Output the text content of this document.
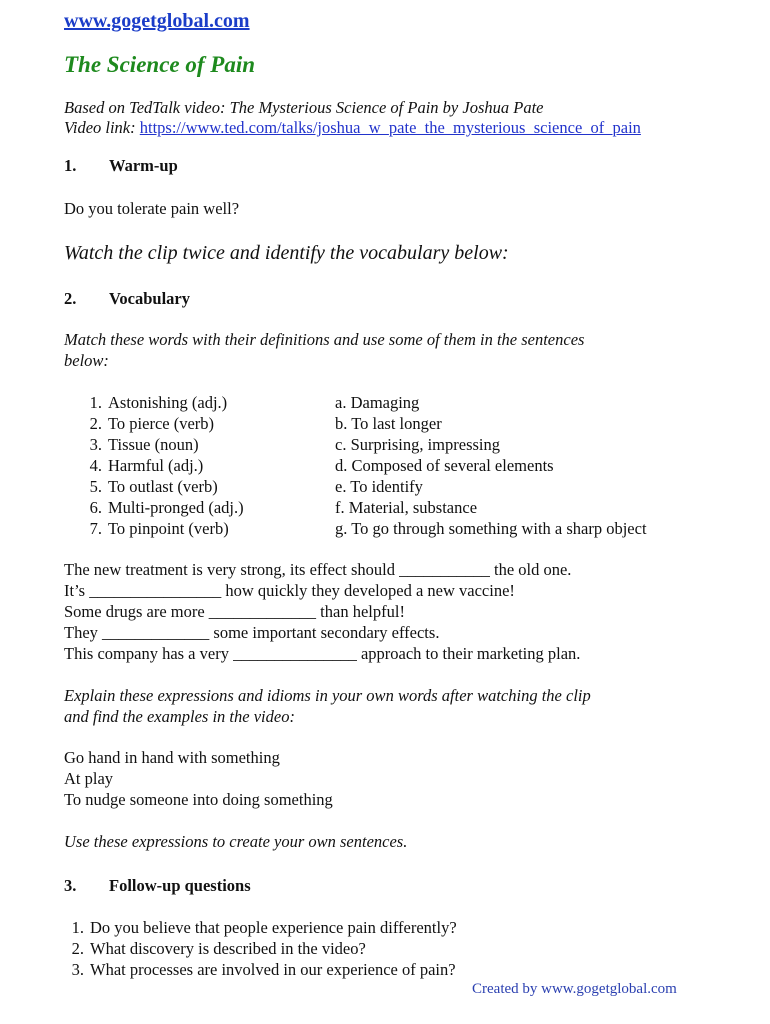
www.gogetglobal.com
The Science of Pain
Based on TedTalk video: The Mysterious Science of Pain by Joshua Pate
Video link: https://www.ted.com/talks/joshua_w_pate_the_mysterious_science_of_pain
1. Warm-up
Do you tolerate pain well?
Watch the clip twice and identify the vocabulary below:
2. Vocabulary
Match these words with their definitions and use some of them in the sentences
below:
1. Astonishing (adj.)
2. To pierce (verb)
3. Tissue (noun)
4. Harmful (adj.)
5. To outlast (verb)
6. Multi-pronged (adj.)
7. To pinpoint (verb)
a. Damaging
b. To last longer
c. Surprising, impressing
d. Composed of several elements
e. To identify
f. Material, substance
g. To go through something with a sharp object
The new treatment is very strong, its effect should ___________ the old one.
It’s ________________ how quickly they developed a new vaccine!
Some drugs are more _____________ than helpful!
They _____________ some important secondary effects.
This company has a very _______________ approach to their marketing plan.
Explain these expressions and idioms in your own words after watching the clip
and find the examples in the video:
Go hand in hand with something
At play
To nudge someone into doing something
Use these expressions to create your own sentences.
3. Follow-up questions
1. Do you believe that people experience pain differently?
2. What discovery is described in the video?
3. What processes are involved in our experience of pain?
Created by www.gogetglobal.com
